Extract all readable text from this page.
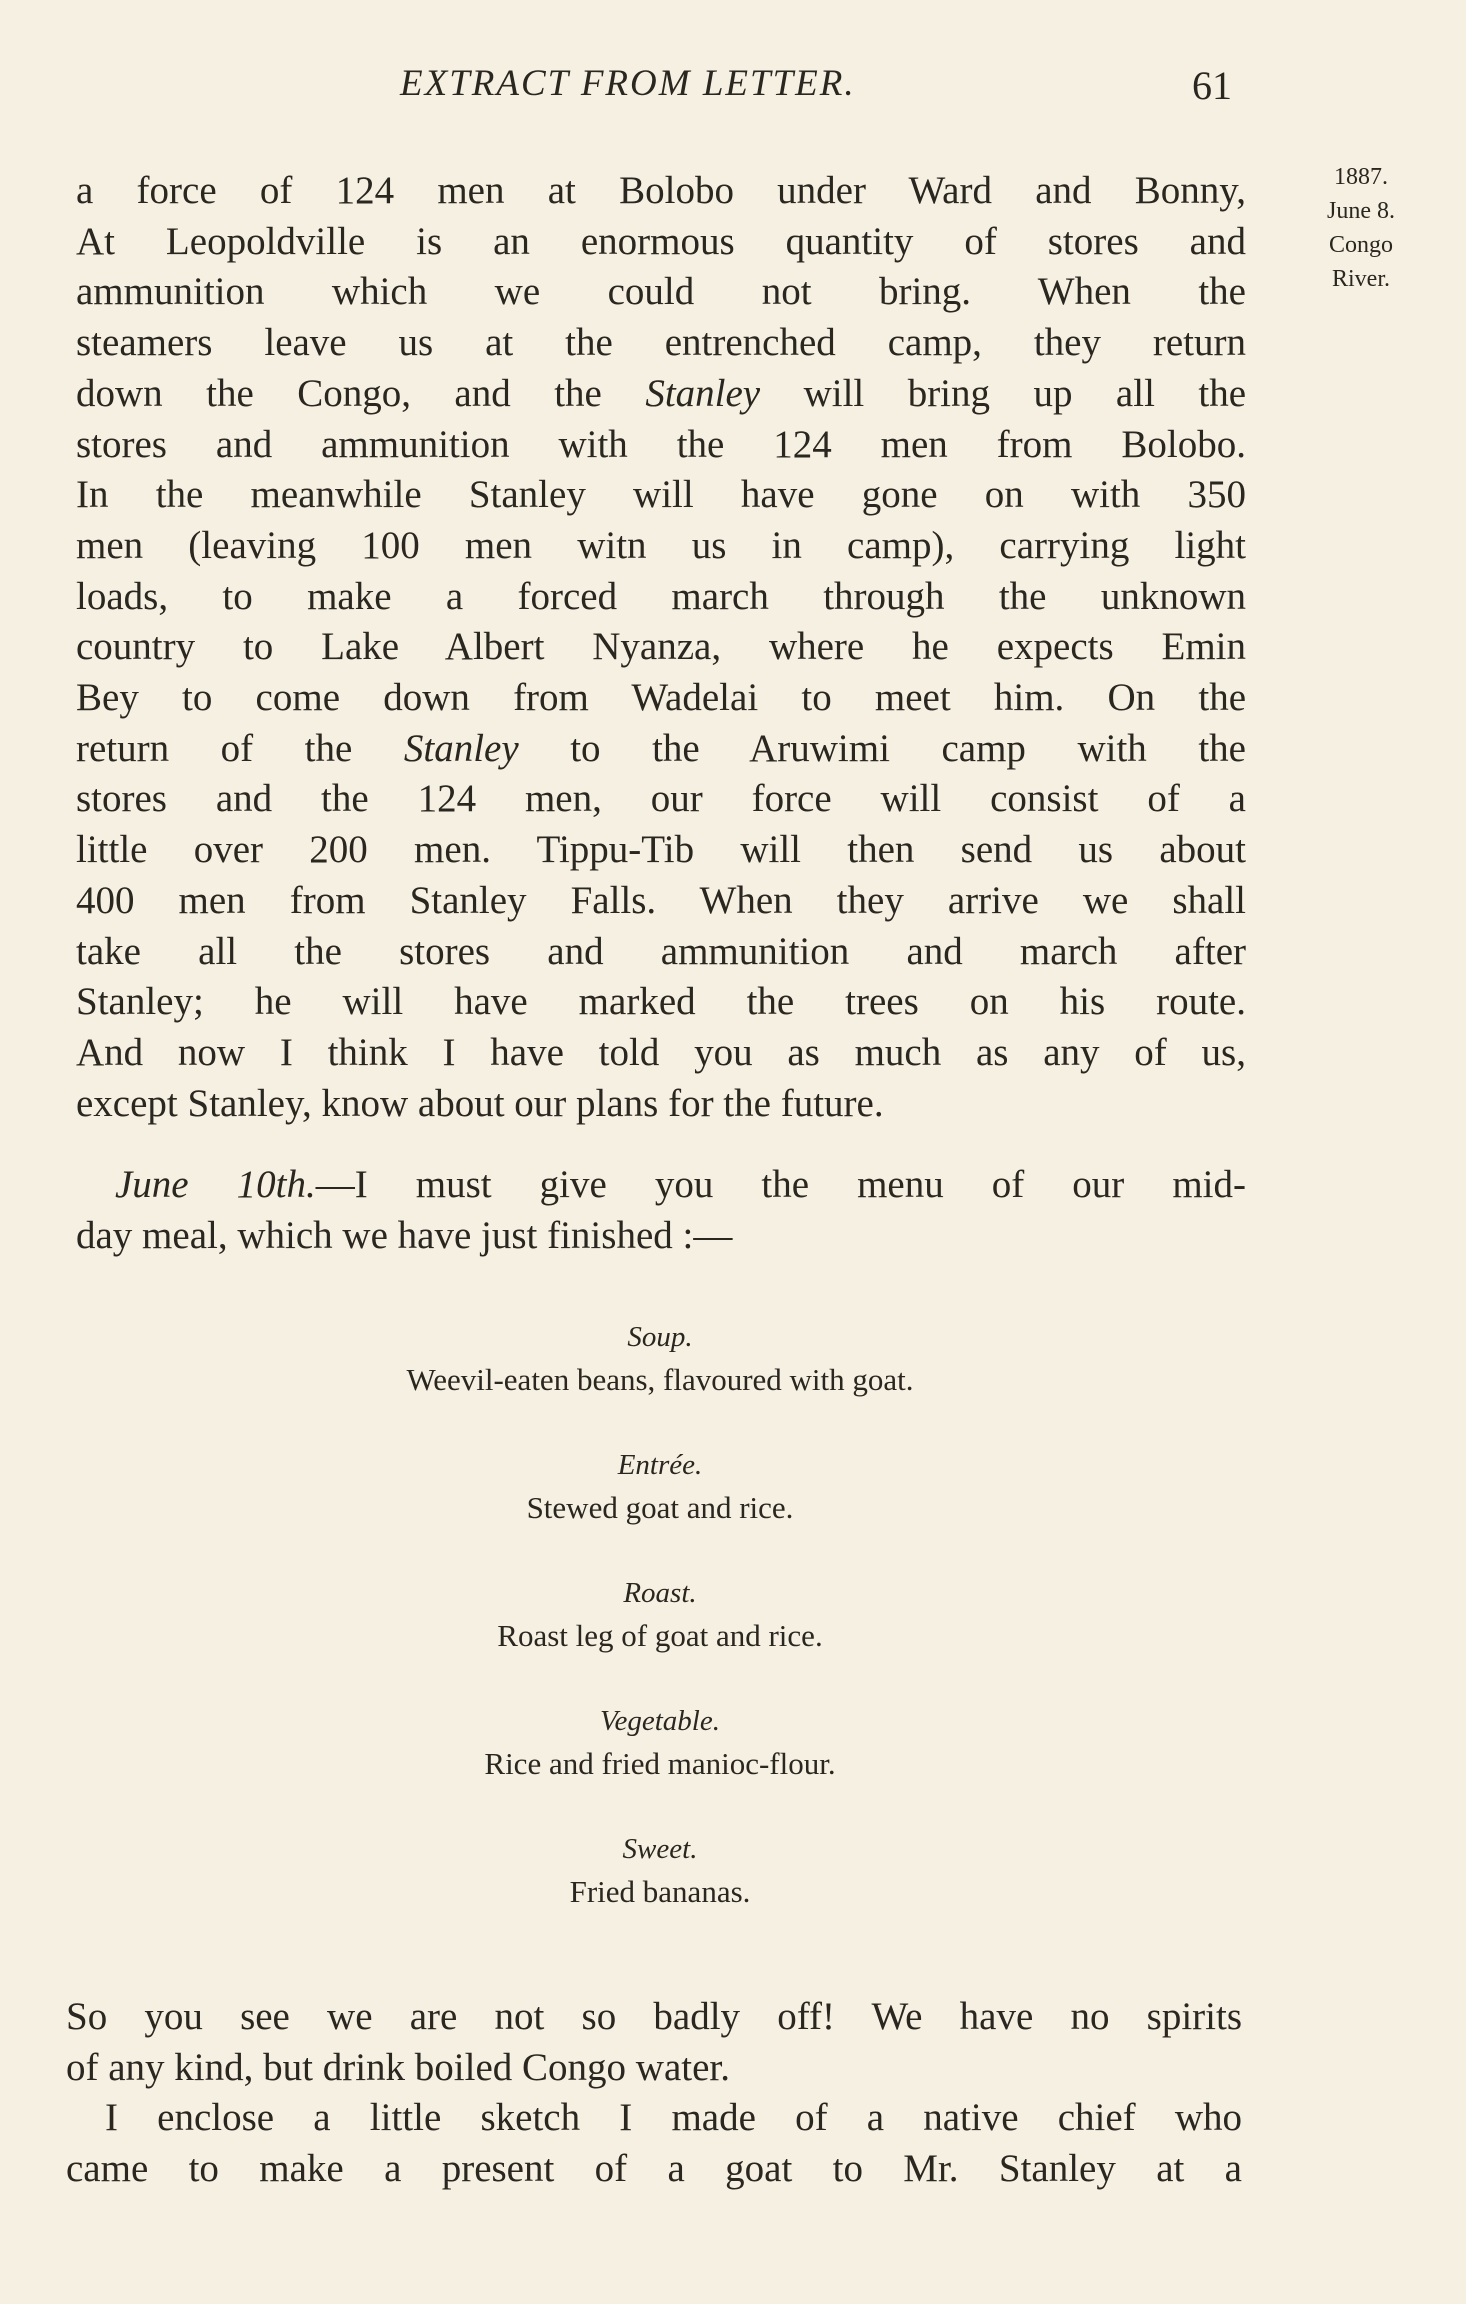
EXTRACT FROM LETTER.	61
1887.
June 8.
Congo
River.
a force of 124 men at Bolobo under Ward and Bonny,
At Leopoldville is an enormous quantity of stores and
ammunition which we could not bring. When the
steamers leave us at the entrenched camp, they return
down the Congo, and the Stanley will bring up all the
stores and ammunition with the 124 men from Bolobo.
In the meanwhile Stanley will have gone on with 350
men (leaving 100 men witn us in camp), carrying light
loads, to make a forced march through the unknown
country to Lake Albert Nyanza, where he expects Emin
Bey to come down from Wadelai to meet him. On the
return of the Stanley to the Aruwimi camp with the
stores and the 124 men, our force will consist of a
little over 200 men. Tippu-Tib will then send us about
400 men from Stanley Falls. When they arrive we shall
take all the stores and ammunition and march after
Stanley; he will have marked the trees on his route.
And now I think I have told you as much as any of us,
except Stanley, know about our plans for the future.
 June 10th.—I must give you the menu of our mid-
day meal, which we have just finished :—
Soup.
Weevil-eaten beans, flavoured with goat.
Entrée.
Stewed goat and rice.
Roast.
Roast leg of goat and rice.
Vegetable.
Rice and fried manioc-flour.
Sweet.
Fried bananas.
So you see we are not so badly off! We have no spirits
of any kind, but drink boiled Congo water.
 I enclose a little sketch I made of a native chief who
came to make a present of a goat to Mr. Stanley at a
